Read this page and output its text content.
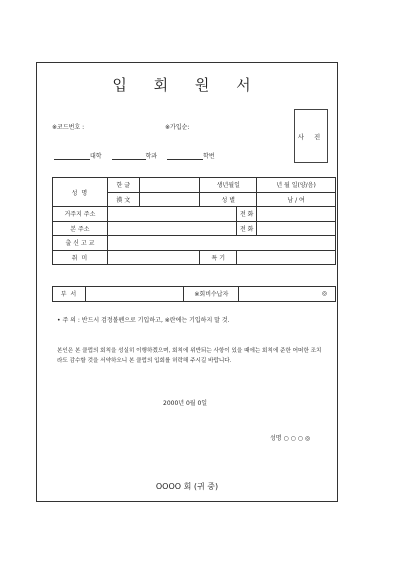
입 회 원 서
※코드번호 :	※가입순:
사 진
대학	학과	학번
성 명	한 글		생년월일		년 월 일(양/음)
	漢 文		성 별		남 / 여
거주지 주소				전 화	
본 주소				전 화	
출 신 고 교					
취 미			특 기		
부 서		※회비수납자	◎
• 주 의 : 반드시 검정볼펜으로 기입하고, ※란에는 기입하지 말 것.
본인은 본 클럽의 회칙을 성실히 이행하겠으며, 회칙에 위반되는 사항이 있을 때에는 회칙에 준한 어떠한 조치라도 감수할 것을 서약하오니 본 클럽의 입회를 허락해 주시길 바랍니다.
2000년 0월 0일
성명 ○ ○ ○ ◎
OOOO 회 (귀 중)
